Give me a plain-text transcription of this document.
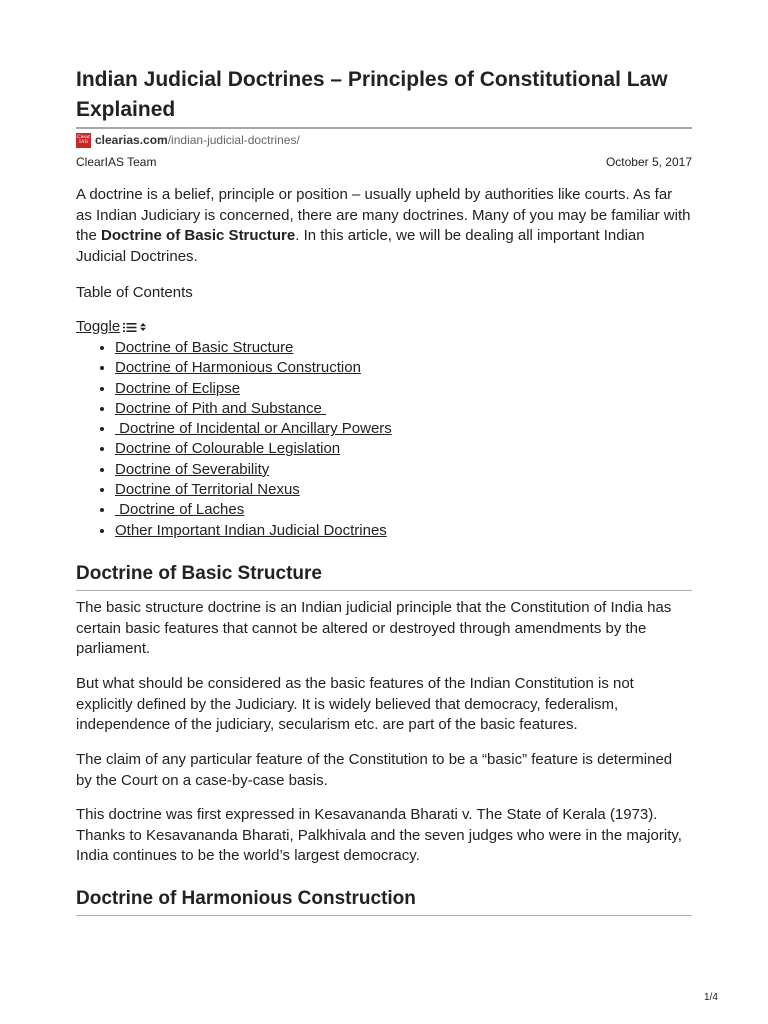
Indian Judicial Doctrines – Principles of Constitutional Law Explained
Clear
IAS clearias.com /indian-judicial-doctrines/
ClearIAS Team	October 5, 2017

A doctrine is a belief, principle or position – usually upheld by authorities like courts. As far as Indian Judiciary is concerned, there are many doctrines. Many of you may be familiar with the Doctrine of Basic Structure. In this article, we will be dealing all important Indian Judicial Doctrines.

Table of Contents
Toggle
• Doctrine of Basic Structure
• Doctrine of Harmonious Construction
• Doctrine of Eclipse
• Doctrine of Pith and Substance
•  Doctrine of Incidental or Ancillary Powers
• Doctrine of Colourable Legislation
• Doctrine of Severability
• Doctrine of Territorial Nexus
•  Doctrine of Laches
• Other Important Indian Judicial Doctrines
Doctrine of Basic Structure

The basic structure doctrine is an Indian judicial principle that the Constitution of India has certain basic features that cannot be altered or destroyed through amendments by the parliament.

But what should be considered as the basic features of the Indian Constitution is not explicitly defined by the Judiciary. It is widely believed that democracy, federalism, independence of the judiciary, secularism etc. are part of the basic features.

The claim of any particular feature of the Constitution to be a “basic” feature is determined by the Court on a case-by-case basis.

This doctrine was first expressed in Kesavananda Bharati v. The State of Kerala (1973). Thanks to Kesavananda Bharati, Palkhivala and the seven judges who were in the majority, India continues to be the world’s largest democracy.

Doctrine of Harmonious Construction
1/4
